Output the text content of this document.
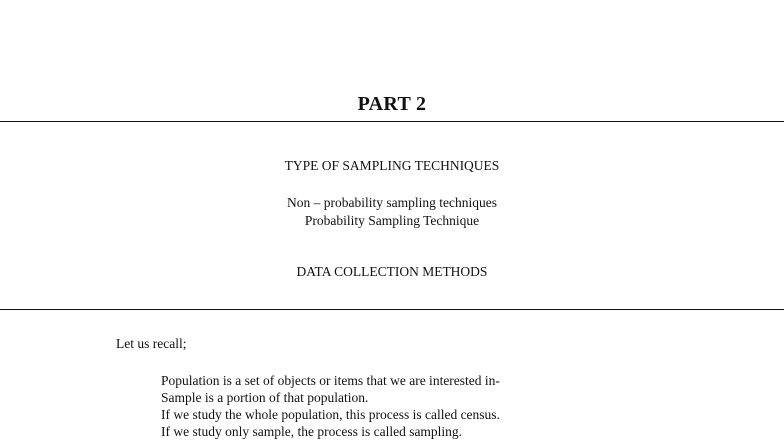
PART 2
TYPE OF SAMPLING TECHNIQUES
Non – probability sampling techniques
Probability Sampling Technique
DATA COLLECTION METHODS
Let us recall;
Population is a set of objects or items that we are interested in-
Sample is a portion of that population.
If we study the whole population, this process is called census.
If we study only sample, the process is called sampling.
